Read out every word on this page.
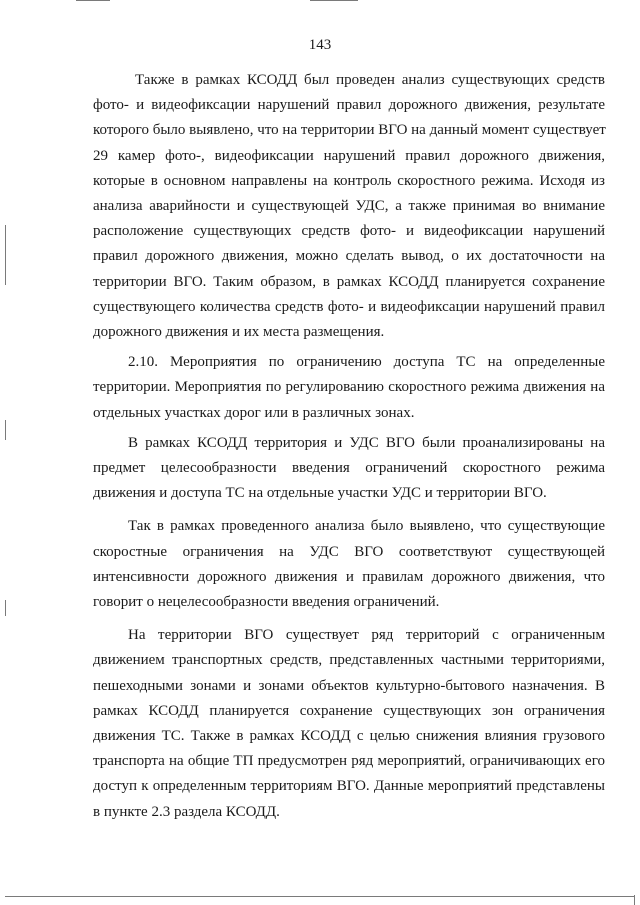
143

Также в рамках КСОДД был проведен анализ существующих средств
фото- и видеофиксации нарушений правил дорожного движения, результате
которого было выявлено, что на территории ВГО на данный момент существует
29 камер фото-, видеофиксации нарушений правил дорожного движения,
которые в основном направлены на контроль скоростного режима. Исходя из
анализа аварийности и существующей УДС, а также принимая во внимание
расположение существующих средств фото- и видеофиксации нарушений
правил дорожного движения, можно сделать вывод, о их достаточности на
территории ВГО. Таким образом, в рамках КСОДД планируется сохранение
существующего количества средств фото- и видеофиксации нарушений правил
дорожного движения и их места размещения.

2.10. Мероприятия по ограничению доступа ТС на определенные
территории. Мероприятия по регулированию скоростного режима движения на
отдельных участках дорог или в различных зонах.

В рамках КСОДД территория и УДС ВГО были проанализированы на
предмет целесообразности введения ограничений скоростного режима
движения и доступа ТС на отдельные участки УДС и территории ВГО.

Так в рамках проведенного анализа было выявлено, что существующие
скоростные ограничения на УДС ВГО соответствуют существующей
интенсивности дорожного движения и правилам дорожного движения, что
говорит о нецелесообразности введения ограничений.

На территории ВГО существует ряд территорий с ограниченным
движением транспортных средств, представленных частными территориями,
пешеходными зонами и зонами объектов культурно-бытового назначения. В
рамках КСОДД планируется сохранение существующих зон ограничения
движения ТС. Также в рамках КСОДД с целью снижения влияния грузового
транспорта на общие ТП предусмотрен ряд мероприятий, ограничивающих его
доступ к определенным территориям ВГО. Данные мероприятий представлены
в пункте 2.3 раздела КСОДД.
